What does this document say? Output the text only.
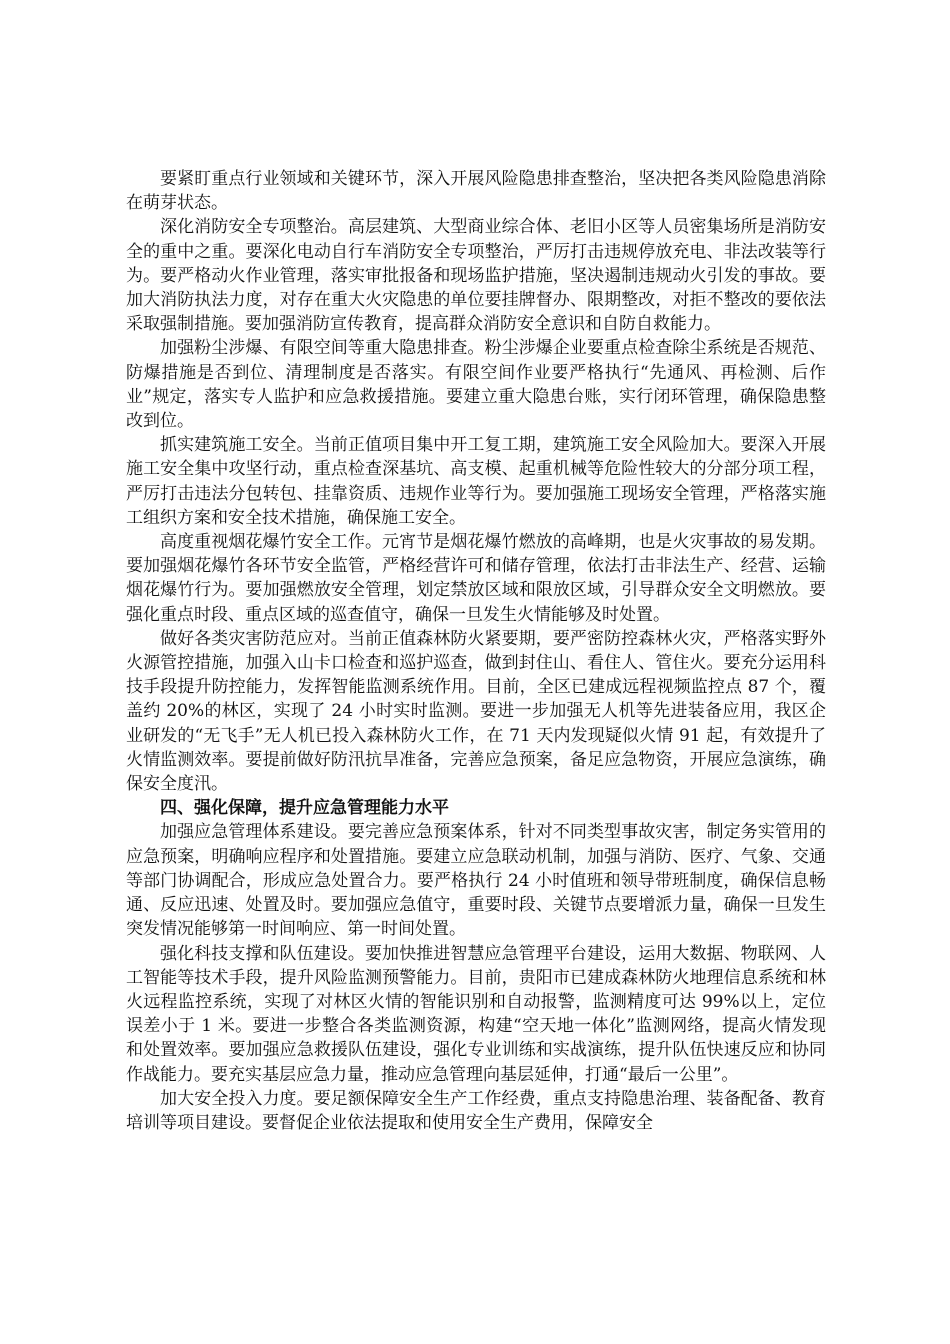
要紧盯重点行业领域和关键环节，深入开展风险隐患排查整治，坚决把各类风险隐患消除在萌芽状态。

深化消防安全专项整治。高层建筑、大型商业综合体、老旧小区等人员密集场所是消防安全的重中之重。要深化电动自行车消防安全专项整治，严厉打击违规停放充电、非法改装等行为。要严格动火作业管理，落实审批报备和现场监护措施，坚决遏制违规动火引发的事故。要加大消防执法力度，对存在重大火灾隐患的单位要挂牌督办、限期整改，对拒不整改的要依法采取强制措施。要加强消防宣传教育，提高群众消防安全意识和自防自救能力。

加强粉尘涉爆、有限空间等重大隐患排查。粉尘涉爆企业要重点检查除尘系统是否规范、防爆措施是否到位、清理制度是否落实。有限空间作业要严格执行“先通风、再检测、后作业”规定，落实专人监护和应急救援措施。要建立重大隐患台账，实行闭环管理，确保隐患整改到位。

抓实建筑施工安全。当前正值项目集中开工复工期，建筑施工安全风险加大。要深入开展施工安全集中攻坚行动，重点检查深基坑、高支模、起重机械等危险性较大的分部分项工程，严厉打击违法分包转包、挂靠资质、违规作业等行为。要加强施工现场安全管理，严格落实施工组织方案和安全技术措施，确保施工安全。

高度重视烟花爆竹安全工作。元宵节是烟花爆竹燃放的高峰期，也是火灾事故的易发期。要加强烟花爆竹各环节安全监管，严格经营许可和储存管理，依法打击非法生产、经营、运输烟花爆竹行为。要加强燃放安全管理，划定禁放区域和限放区域，引导群众安全文明燃放。要强化重点时段、重点区域的巡查值守，确保一旦发生火情能够及时处置。

做好各类灾害防范应对。当前正值森林防火紧要期，要严密防控森林火灾，严格落实野外火源管控措施，加强入山卡口检查和巡护巡查，做到封住山、看住人、管住火。要充分运用科技手段提升防控能力，发挥智能监测系统作用。目前，全区已建成远程视频监控点 87 个，覆盖约 20%的林区，实现了 24 小时实时监测。要进一步加强无人机等先进装备应用，我区企业研发的“无飞手”无人机已投入森林防火工作，在 71 天内发现疑似火情 91 起，有效提升了火情监测效率。要提前做好防汛抗旱准备，完善应急预案，备足应急物资，开展应急演练，确保安全度汛。

四、强化保障，提升应急管理能力水平

加强应急管理体系建设。要完善应急预案体系，针对不同类型事故灾害，制定务实管用的应急预案，明确响应程序和处置措施。要建立应急联动机制，加强与消防、医疗、气象、交通等部门协调配合，形成应急处置合力。要严格执行 24 小时值班和领导带班制度，确保信息畅通、反应迅速、处置及时。要加强应急值守，重要时段、关键节点要增派力量，确保一旦发生突发情况能够第一时间响应、第一时间处置。

强化科技支撑和队伍建设。要加快推进智慧应急管理平台建设，运用大数据、物联网、人工智能等技术手段，提升风险监测预警能力。目前，贵阳市已建成森林防火地理信息系统和林火远程监控系统，实现了对林区火情的智能识别和自动报警，监测精度可达 99%以上，定位误差小于 1 米。要进一步整合各类监测资源，构建“空天地一体化”监测网络，提高火情发现和处置效率。要加强应急救援队伍建设，强化专业训练和实战演练，提升队伍快速反应和协同作战能力。要充实基层应急力量，推动应急管理向基层延伸，打通“最后一公里”。

加大安全投入力度。要足额保障安全生产工作经费，重点支持隐患治理、装备配备、教育培训等项目建设。要督促企业依法提取和使用安全生产费用，保障安全
